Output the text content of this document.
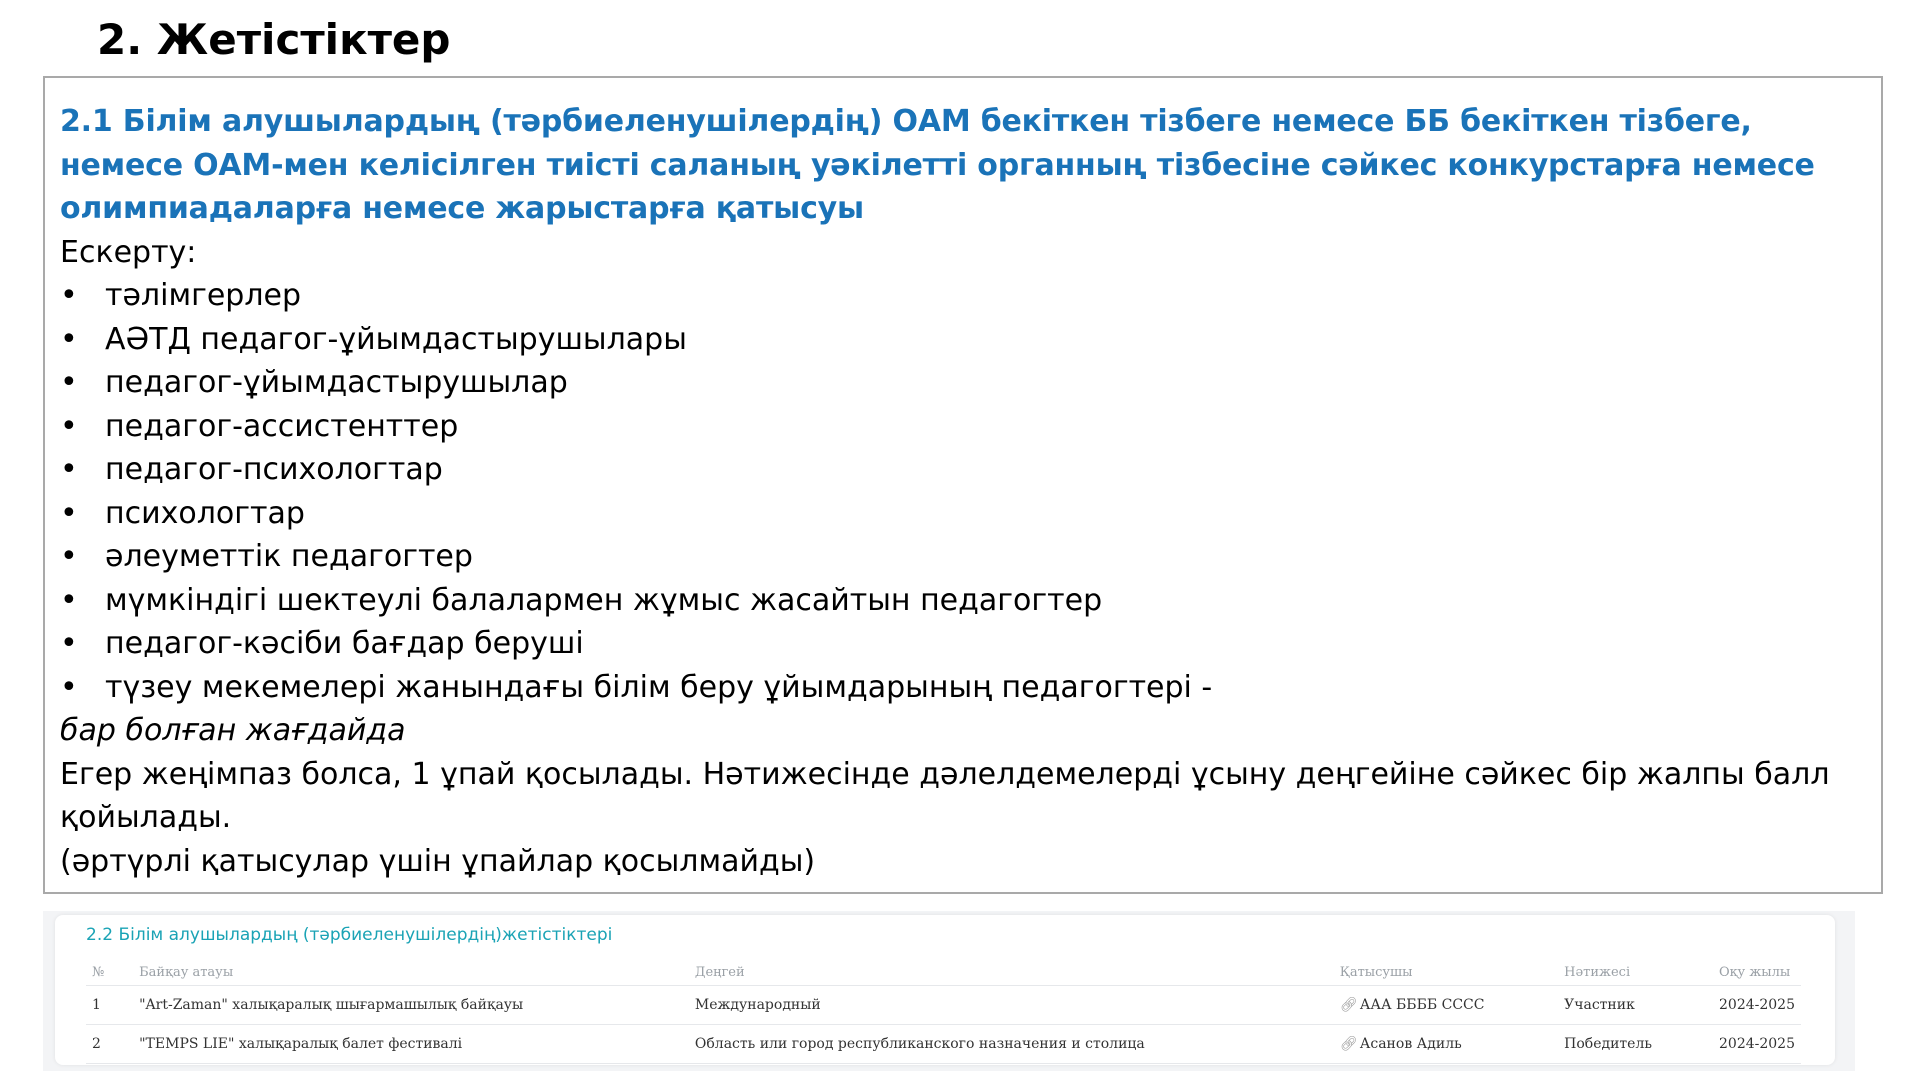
2. Жетістіктер

2.1 Білім алушылардың (тәрбиеленушілердің) ОАМ бекіткен тізбеге немесе ББ бекіткен тізбеге, немесе ОАМ-мен келісілген тиісті саланың уәкілетті органның тізбесіне сәйкес конкурстарға немесе олимпиадаларға немесе жарыстарға қатысуы

Ескерту:

• тәлімгерлер
• АӘТД педагог-ұйымдастырушылары
• педагог-ұйымдастырушылар
• педагог-ассистенттер
• педагог-психологтар
• психологтар
• әлеуметтік педагогтер
• мүмкіндігі шектеулі балалармен жұмыс жасайтын педагогтер
• педагог-кәсіби бағдар беруші
• түзеу мекемелері жанындағы білім беру ұйымдарының педагогтері -

бар болған жағдайда

Егер жеңімпаз болса, 1 ұпай қосылады. Нәтижесінде дәлелдемелерді ұсыну деңгейіне сәйкес бір жалпы балл қойылады.

(әртүрлі қатысулар үшін ұпайлар қосылмайды)

2.2 Білім алушылардың (тәрбиеленушілердің)жетістіктері
№	Байқау атауы	Деңгей	Қатысушы	Нәтижесі	Оқу жылы
1	"Art-Zaman" халықаралық шығармашылық байқауы	Международный	🔗︎ ААА ББББ СССС	Участник	2024-2025
2	"TEMPS LIE" халықаралық балет фестивалі	Область или город республиканского назначения и столица	🔗︎ Асанов Адиль	Победитель	2024-2025
